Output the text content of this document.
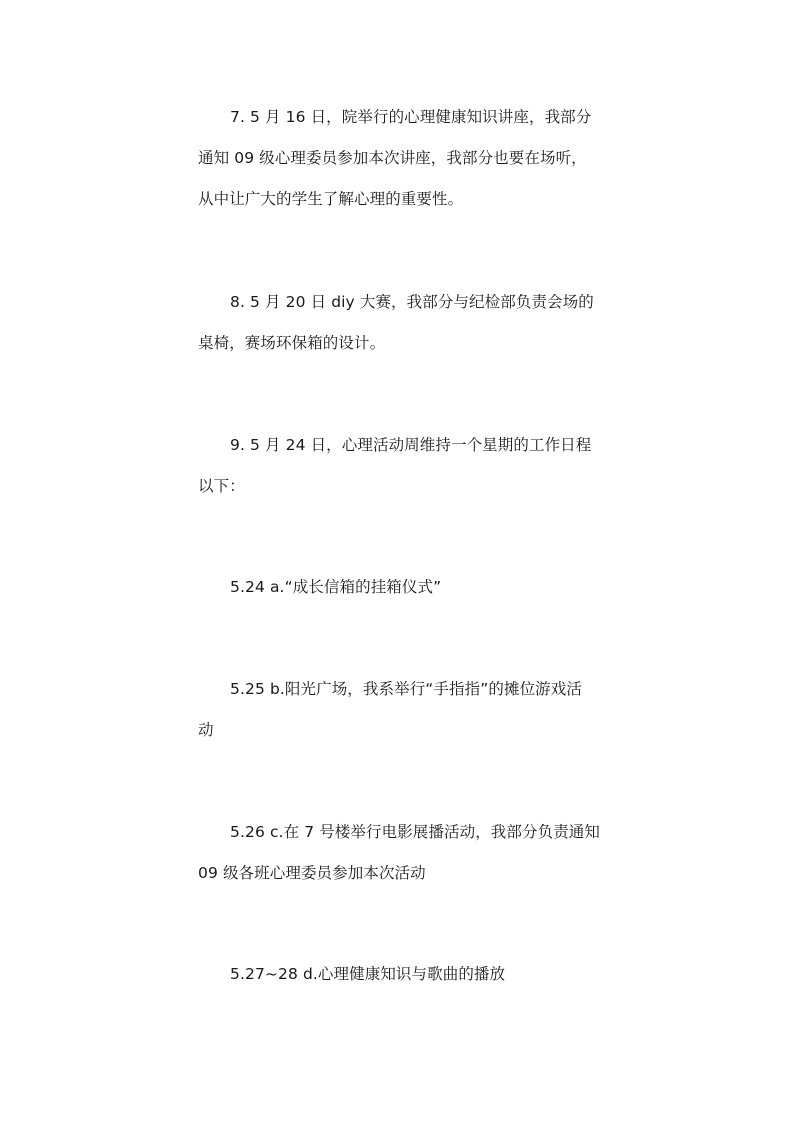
7. 5 月 16 日，院举行的心理健康知识讲座，我部分
通知 09 级心理委员参加本次讲座，我部分也要在场听，
从中让广大的学生了解心理的重要性。

8. 5 月 20 日 diy 大赛，我部分与纪检部负责会场的
桌椅，赛场环保箱的设计。

9. 5 月 24 日，心理活动周维持一个星期的工作日程
以下：

5.24 a.“成长信箱的挂箱仪式”

5.25 b.阳光广场，我系举行“手指指”的摊位游戏活
动

5.26 c.在 7 号楼举行电影展播活动，我部分负责通知
09 级各班心理委员参加本次活动

5.27~28 d.心理健康知识与歌曲的播放
